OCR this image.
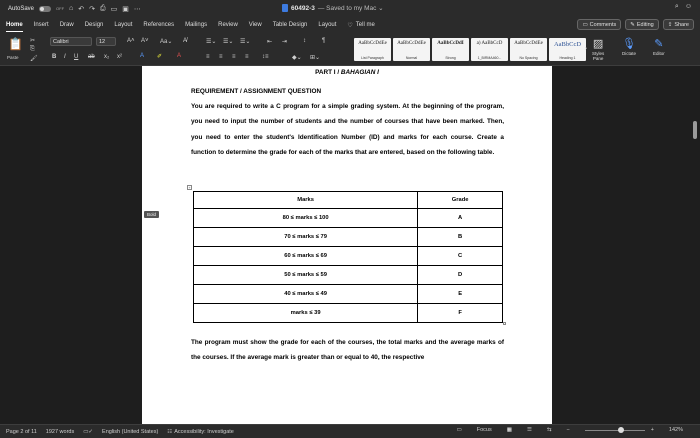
AutoSave	OFF ⌂ ↶ ↷ ⎙ ▭ ▣ ⋯	60492-3 — Saved to my Mac ⌄	⌕ ☺
Home Insert Draw Design Layout References Mailings Review View Table Design Layout ♡ Tell me	▭ Comments	✎ Editing	⇪ Share
📋
Paste
✂
⎘
🖌
Calibri	12	A˄ A˅ Aa⌄ A̸
B I U ab x₂ x²	A ✐ A
☰⌄ ☰⌄ ☰⌄	⇤ ⇥	↕	¶
≡ ≡ ≡ ≡ ↕≡	◆⌄ ⊞⌄
AaBbCcDdEe
List Paragraph
AaBbCcDdEe
Normal
AaBbCcDdI
Strong
a) AaBbCcD
1_BIRMA460...
AaBbCcDdEe
No Spacing
AaBbCcD
Heading 1
› ▨
Styles
Pane
🎙
Dictate
✎
Editor
PART I / BAHAGIAN I
REQUIREMENT / ASSIGNMENT QUESTION
You are required to write a C program for a simple grading system. At the beginning of the program, you need to input the number of students and the number of courses that have been marked. Then, you need to enter the student's Identification Number (ID) and marks for each course. Create a function to determine the grade for each of the marks that are entered, based on the following table.
+
Marks	Grade
80 ≤ marks ≤ 100	A
70 ≤ marks ≤ 79	B
60 ≤ marks ≤ 69	C
50 ≤ marks ≤ 59	D
40 ≤ marks ≤ 49	E
marks ≤ 39	F
The program must show the grade for each of the courses, the total marks and the average marks of the courses. If the average mark is greater than or equal to 40, the respective
Bold
Page 2 of 11 1927 words ▭✓ English (United States) ☷ Accessibility: Investigate	▭	Focus	▦	☰	⇆	−	+	142%
